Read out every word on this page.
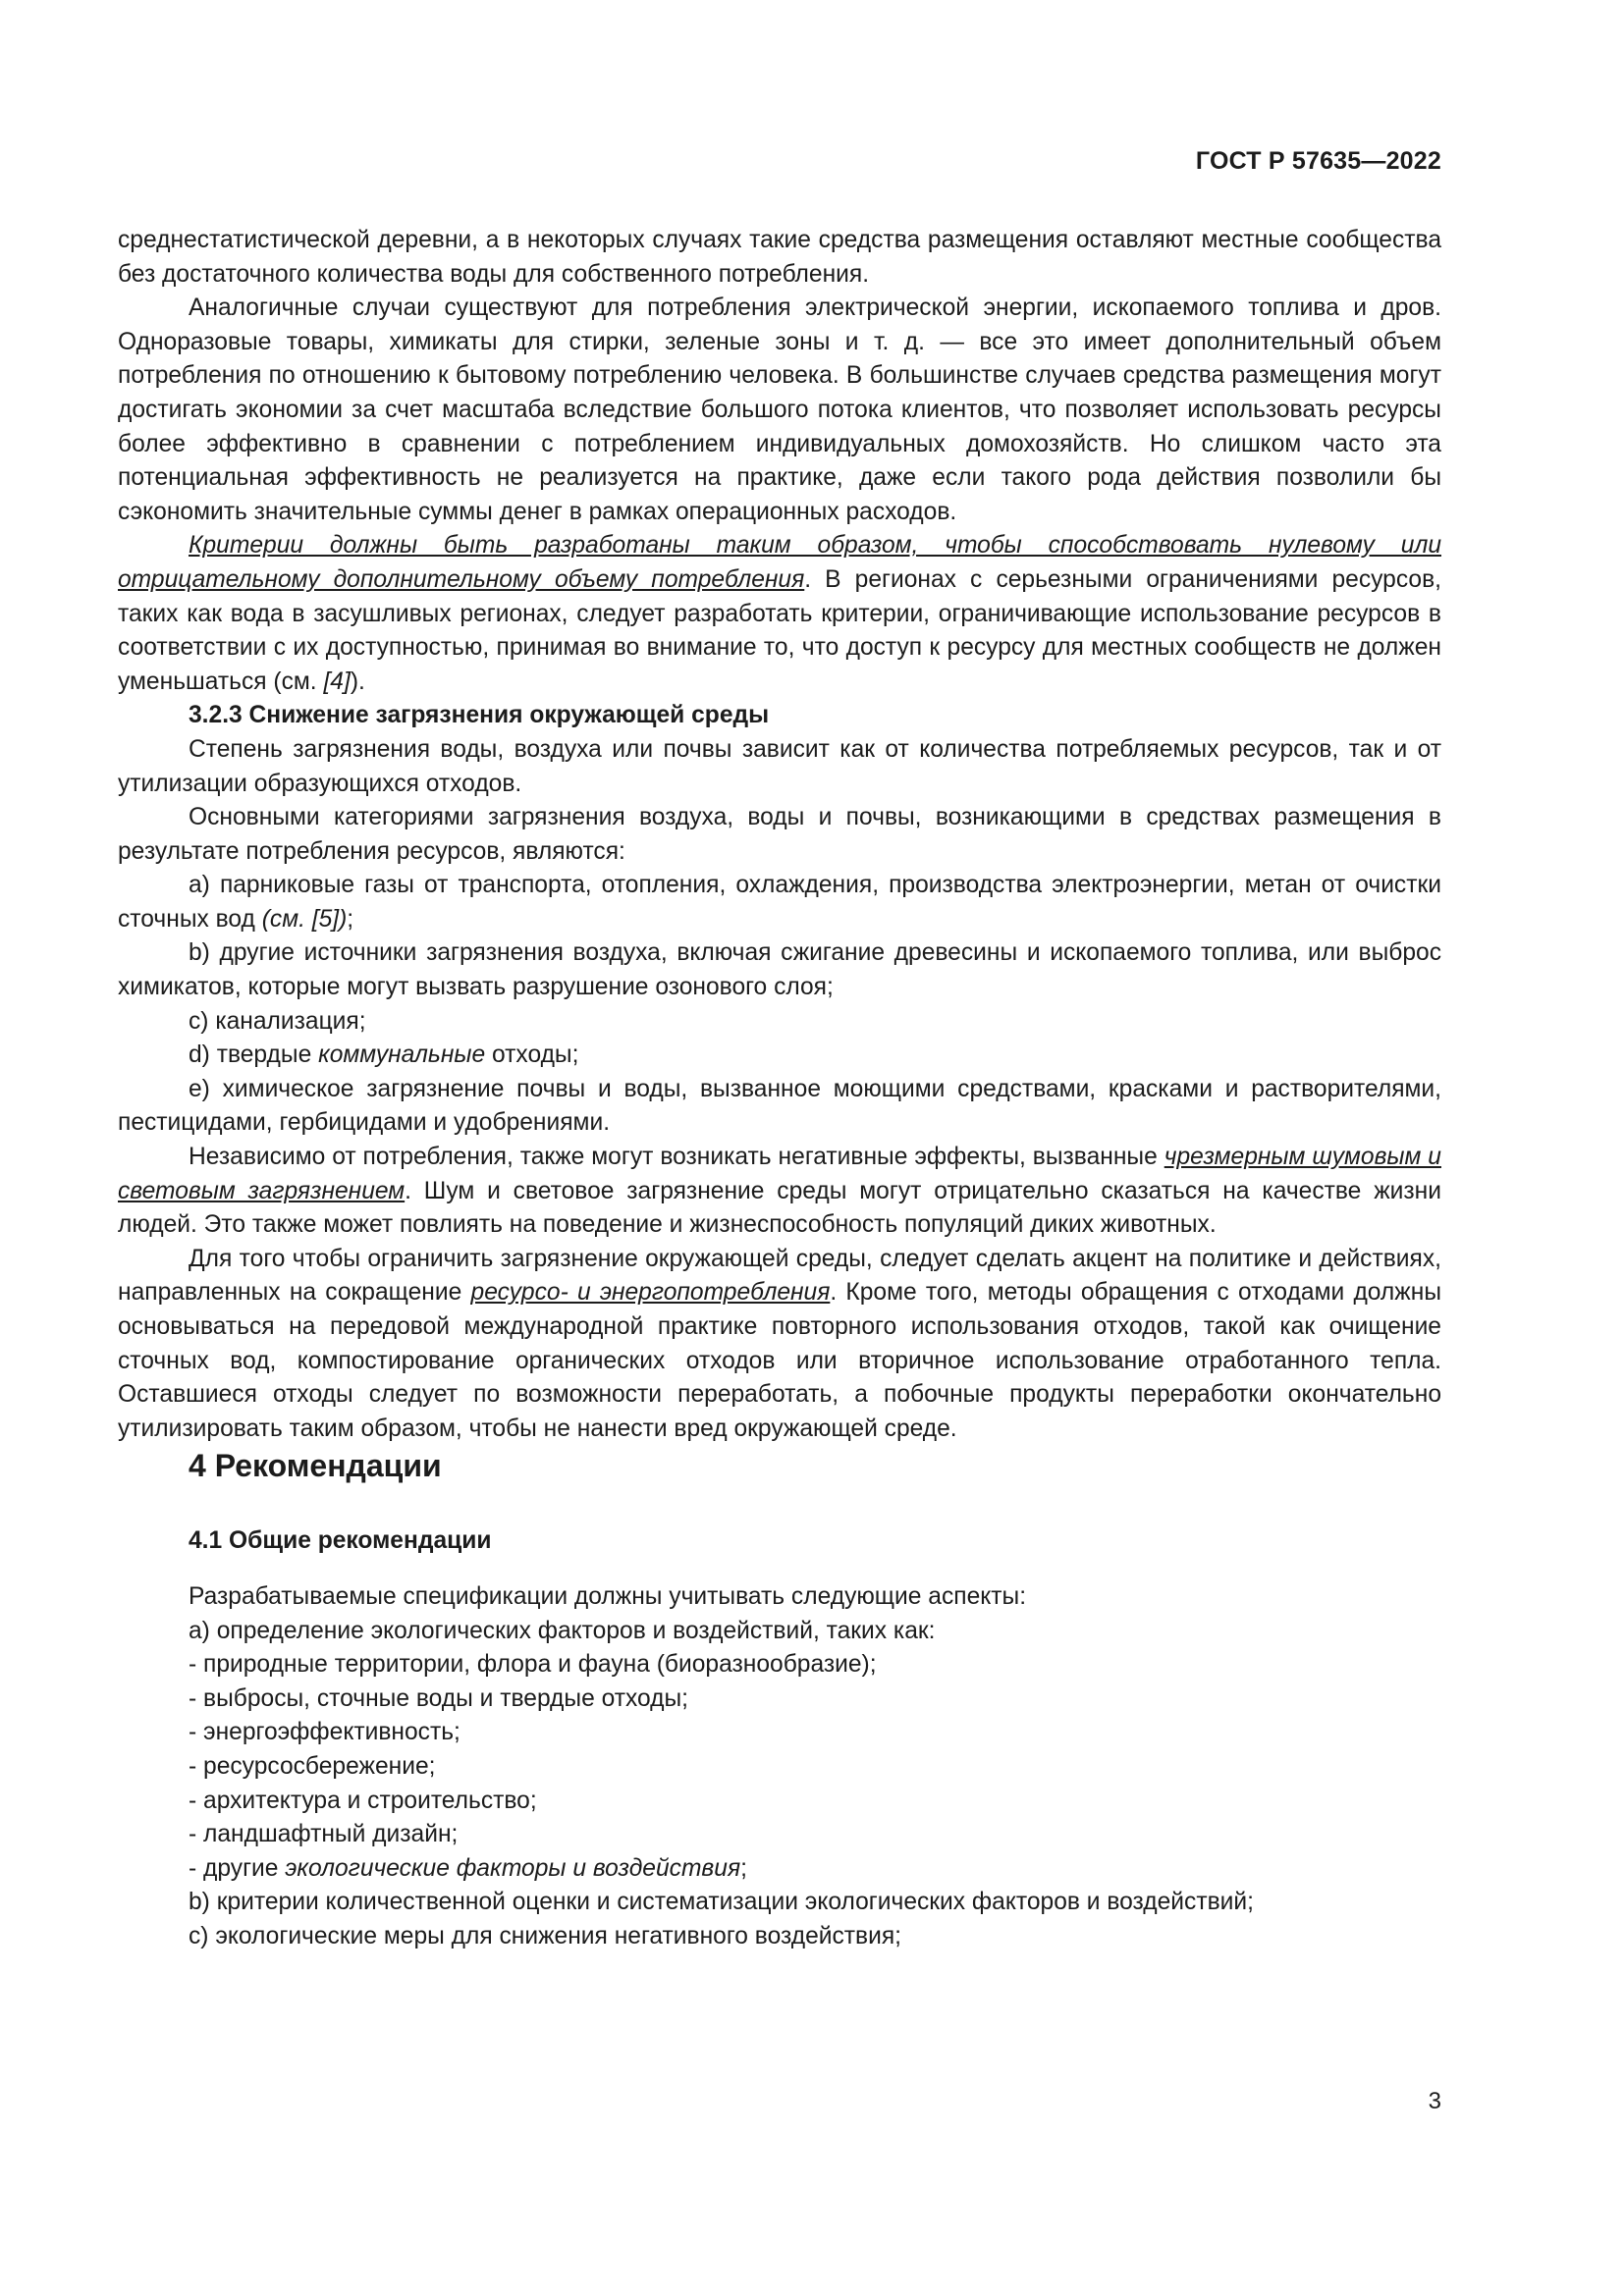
ГОСТ Р 57635—2022

среднестатистической деревни, а в некоторых случаях такие средства размещения оставляют местные сообщества без достаточного количества воды для собственного потребления.

Аналогичные случаи существуют для потребления электрической энергии, ископаемого топлива и дров. Одноразовые товары, химикаты для стирки, зеленые зоны и т. д. — все это имеет дополнительный объем потребления по отношению к бытовому потреблению человека. В большинстве случаев средства размещения могут достигать экономии за счет масштаба вследствие большого потока клиентов, что позволяет использовать ресурсы более эффективно в сравнении с потреблением индивидуальных домохозяйств. Но слишком часто эта потенциальная эффективность не реализуется на практике, даже если такого рода действия позволили бы сэкономить значительные суммы денег в рамках операционных расходов.

Критерии должны быть разработаны таким образом, чтобы способствовать нулевому или отрицательному дополнительному объему потребления. В регионах с серьезными ограничениями ресурсов, таких как вода в засушливых регионах, следует разработать критерии, ограничивающие использование ресурсов в соответствии с их доступностью, принимая во внимание то, что доступ к ресурсу для местных сообществ не должен уменьшаться (см. [4]).

3.2.3 Снижение загрязнения окружающей среды

Степень загрязнения воды, воздуха или почвы зависит как от количества потребляемых ресурсов, так и от утилизации образующихся отходов.

Основными категориями загрязнения воздуха, воды и почвы, возникающими в средствах размещения в результате потребления ресурсов, являются:

a) парниковые газы от транспорта, отопления, охлаждения, производства электроэнергии, метан от очистки сточных вод (см. [5]);

b) другие источники загрязнения воздуха, включая сжигание древесины и ископаемого топлива, или выброс химикатов, которые могут вызвать разрушение озонового слоя;

c) канализация;

d) твердые коммунальные отходы;

e) химическое загрязнение почвы и воды, вызванное моющими средствами, красками и растворителями, пестицидами, гербицидами и удобрениями.

Независимо от потребления, также могут возникать негативные эффекты, вызванные чрезмерным шумовым и световым загрязнением. Шум и световое загрязнение среды могут отрицательно сказаться на качестве жизни людей. Это также может повлиять на поведение и жизнеспособность популяций диких животных.

Для того чтобы ограничить загрязнение окружающей среды, следует сделать акцент на политике и действиях, направленных на сокращение ресурсо- и энергопотребления. Кроме того, методы обращения с отходами должны основываться на передовой международной практике повторного использования отходов, такой как очищение сточных вод, компостирование органических отходов или вторичное использование отработанного тепла. Оставшиеся отходы следует по возможности переработать, а побочные продукты переработки окончательно утилизировать таким образом, чтобы не нанести вред окружающей среде.

4 Рекомендации

4.1 Общие рекомендации

Разрабатываемые спецификации должны учитывать следующие аспекты:

a) определение экологических факторов и воздействий, таких как:

- природные территории, флора и фауна (биоразнообразие);

- выбросы, сточные воды и твердые отходы;

- энергоэффективность;

- ресурсосбережение;

- архитектура и строительство;

- ландшафтный дизайн;

- другие экологические факторы и воздействия;

b) критерии количественной оценки и систематизации экологических факторов и воздействий;

c) экологические меры для снижения негативного воздействия;

3
